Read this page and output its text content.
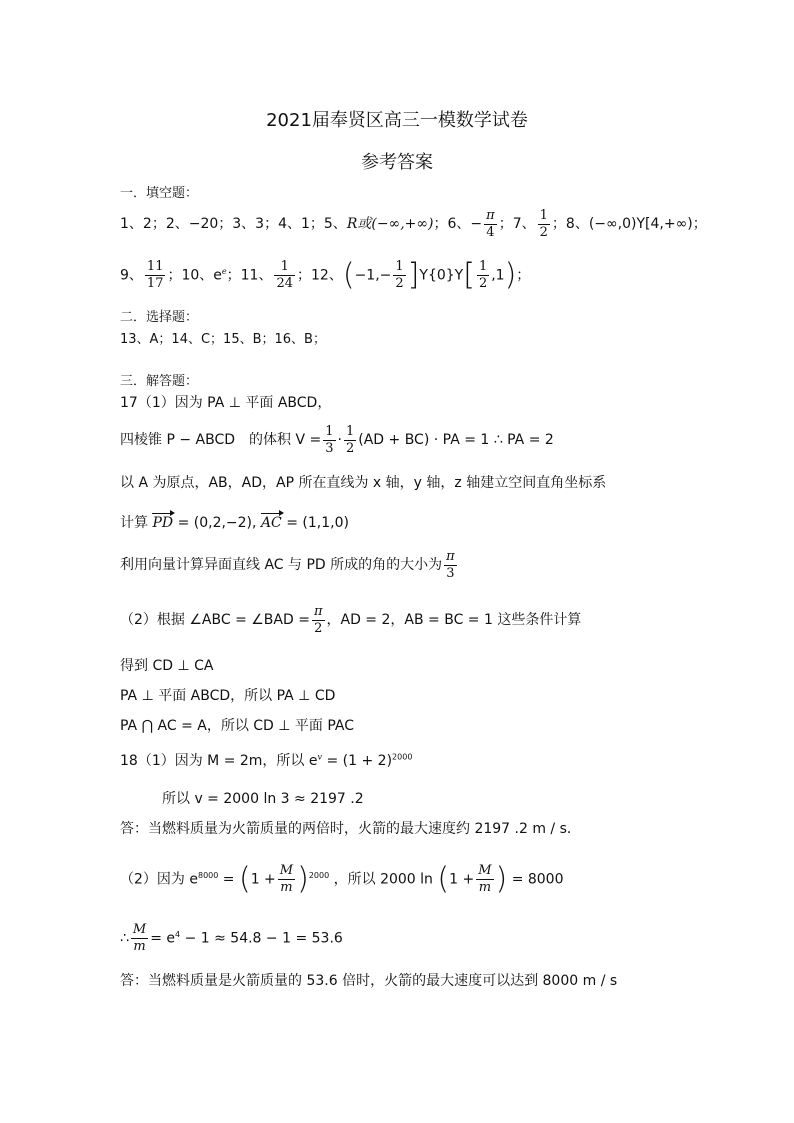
2021届奉贤区高三一模数学试卷
参考答案
一．填空题：
1、2；2、−20；3、3；4、1；5、R或(−∞,+∞)；6、− $\frac{\pi}{4}$ ；7、 $\frac{1}{2}$ ；8、(−∞,0)Y[4,+∞)；
9、 $\frac{11}{17}$ ；10、$e^e$；11、 $\frac{1}{24}$ ；12、$(-1,- \frac{1}{2} ]Y\{0\}Y[ \frac{1}{2} ,1)$；
二．选择题：
13、A；14、C；15、B；16、B；
三．解答题：
17（1）因为 PA ⊥ 平面 ABCD，
四棱锥 P − ABCD　的体积 $V = \frac{1}{3} \cdot \frac{1}{2} (AD + BC)$ · PA = 1 ∴ PA = 2
以 A 为原点，AB，AD，AP 所在直线为 x 轴，y 轴，z 轴建立空间直角坐标系
计算 PD = (0,2,−2), AC = (1,1,0)
利用向量计算异面直线 AC 与 PD 所成的角的大小为 $\frac{\pi}{3}$
（2）根据 ∠ABC = ∠BAD = $\frac{\pi}{2}$ ，AD = 2，AB = BC = 1 这些条件计算
得到 CD ⊥ CA
PA ⊥ 平面 ABCD，所以 PA ⊥ CD
PA ⋂ AC = A，所以 CD ⊥ 平面 PAC
18（1）因为 M = 2m，所以 $e^v = (1 + 2)^{2000}$
所以 v = 2000 ln 3 ≈ 2197 .2
答：当燃料质量为火箭质量的两倍时，火箭的最大速度约 2197 .2 m / s．
（2）因为 $e^{8000} = (1 + \frac{M}{m} )^{2000}$ ，所以 2000 $\ln (1 + \frac{M}{m}$ ) = 8000
∴ $\frac{M}{m} = e^4 - 1 \approx 54.8 - 1 = 53.6$
答：当燃料质量是火箭质量的 53.6 倍时，火箭的最大速度可以达到 8000 m / s
